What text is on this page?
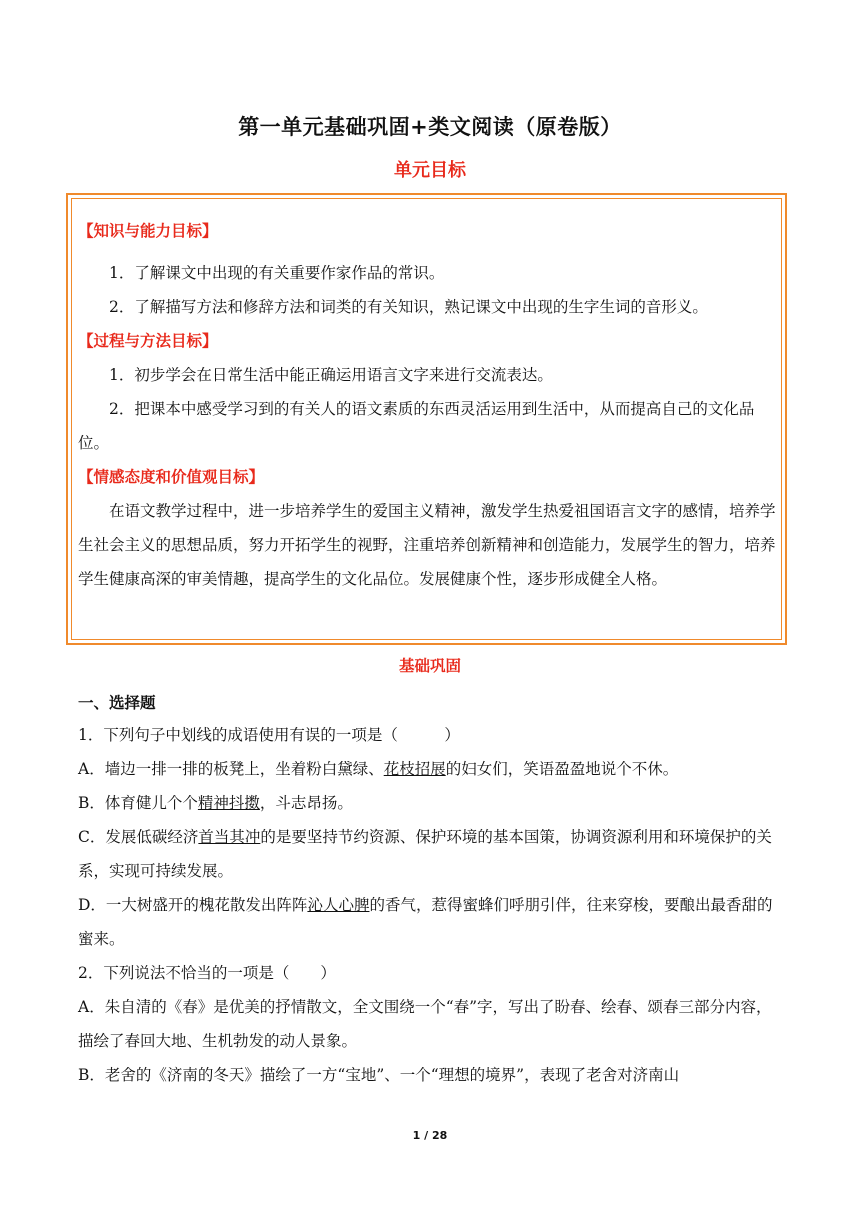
第一单元基础巩固+类文阅读（原卷版）
单元目标
【知识与能力目标】
1．了解课文中出现的有关重要作家作品的常识。
2．了解描写方法和修辞方法和词类的有关知识，熟记课文中出现的生字生词的音形义。
【过程与方法目标】
1．初步学会在日常生活中能正确运用语言文字来进行交流表达。
2．把课本中感受学习到的有关人的语文素质的东西灵活运用到生活中，从而提高自己的文化品位。
【情感态度和价值观目标】
在语文教学过程中，进一步培养学生的爱国主义精神，激发学生热爱祖国语言文字的感情，培养学生社会主义的思想品质，努力开拓学生的视野，注重培养创新精神和创造能力，发展学生的智力，培养学生健康高深的审美情趣，提高学生的文化品位。发展健康个性，逐步形成健全人格。
基础巩固
一、选择题
1．下列句子中划线的成语使用有误的一项是（　　　）
A．墙边一排一排的板凳上，坐着粉白黛绿、花枝招展的妇女们，笑语盈盈地说个不休。
B．体育健儿个个精神抖擞，斗志昂扬。
C．发展低碳经济首当其冲的是要坚持节约资源、保护环境的基本国策，协调资源利用和环境保护的关系，实现可持续发展。
D．一大树盛开的槐花散发出阵阵沁人心脾的香气，惹得蜜蜂们呼朋引伴，往来穿梭，要酿出最香甜的蜜来。
2．下列说法不恰当的一项是（　　）
A．朱自清的《春》是优美的抒情散文，全文围绕一个“春”字，写出了盼春、绘春、颂春三部分内容，描绘了春回大地、生机勃发的动人景象。
B．老舍的《济南的冬天》描绘了一方“宝地”、一个“理想的境界”，表现了老舍对济南山
1 / 28
